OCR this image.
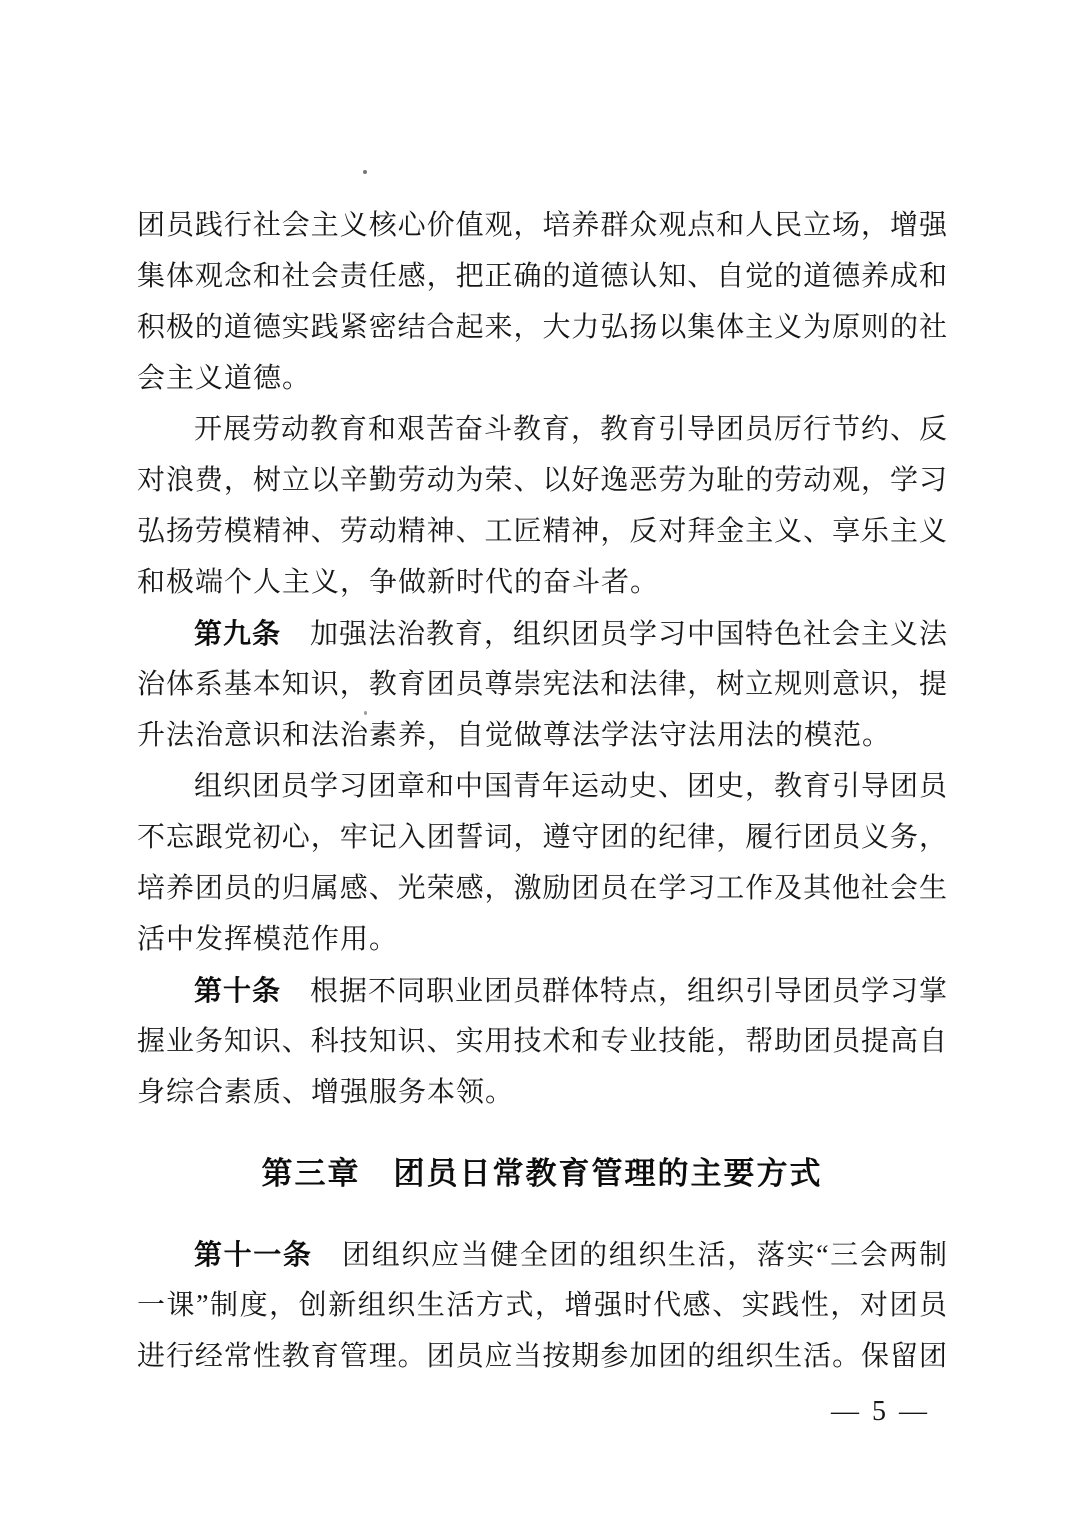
团员践行社会主义核心价值观，培养群众观点和人民立场，增强
集体观念和社会责任感，把正确的道德认知、自觉的道德养成和
积极的道德实践紧密结合起来，大力弘扬以集体主义为原则的社
会主义道德。
开展劳动教育和艰苦奋斗教育，教育引导团员厉行节约、反
对浪费，树立以辛勤劳动为荣、以好逸恶劳为耻的劳动观，学习
弘扬劳模精神、劳动精神、工匠精神，反对拜金主义、享乐主义
和极端个人主义，争做新时代的奋斗者。
第九条　加强法治教育，组织团员学习中国特色社会主义法
治体系基本知识，教育团员尊崇宪法和法律，树立规则意识，提
升法治意识和法治素养，自觉做尊法学法守法用法的模范。
组织团员学习团章和中国青年运动史、团史，教育引导团员
不忘跟党初心，牢记入团誓词，遵守团的纪律，履行团员义务，
培养团员的归属感、光荣感，激励团员在学习工作及其他社会生
活中发挥模范作用。
第十条　根据不同职业团员群体特点，组织引导团员学习掌
握业务知识、科技知识、实用技术和专业技能，帮助团员提高自
身综合素质、增强服务本领。
第三章　团员日常教育管理的主要方式
第十一条　团组织应当健全团的组织生活，落实“三会两制
一课”制度，创新组织生活方式，增强时代感、实践性，对团员
进行经常性教育管理。团员应当按期参加团的组织生活。保留团
— 5 —
